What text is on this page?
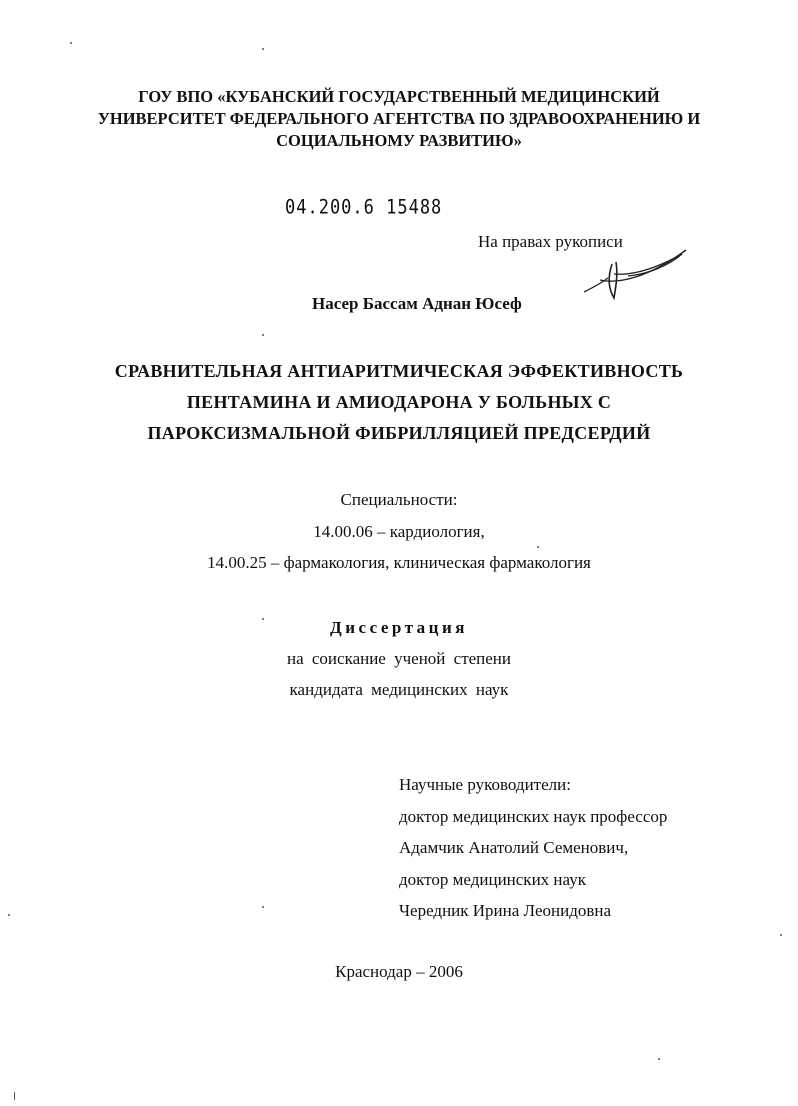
ГОУ ВПО «КУБАНСКИЙ ГОСУДАРСТВЕННЫЙ МЕДИЦИНСКИЙ
УНИВЕРСИТЕТ ФЕДЕРАЛЬНОГО АГЕНТСТВА ПО ЗДРАВООХРАНЕНИЮ И
СОЦИАЛЬНОМУ РАЗВИТИЮ»
04.200.6 15488
На правах рукописи
Насер Бассам Аднан Юсеф
СРАВНИТЕЛЬНАЯ АНТИАРИТМИЧЕСКАЯ ЭФФЕКТИВНОСТЬ
ПЕНТАМИНА И АМИОДАРОНА У БОЛЬНЫХ С
ПАРОКСИЗМАЛЬНОЙ ФИБРИЛЛЯЦИЕЙ ПРЕДСЕРДИЙ
Специальности:
14.00.06 – кардиология,
14.00.25 – фармакология, клиническая фармакология
Диссертация
на соискание ученой степени
кандидата медицинских наук
Научные руководители:
доктор медицинских наук профессор
Адамчик Анатолий Семенович,
доктор медицинских наук
Чередник Ирина Леонидовна
Краснодар – 2006
